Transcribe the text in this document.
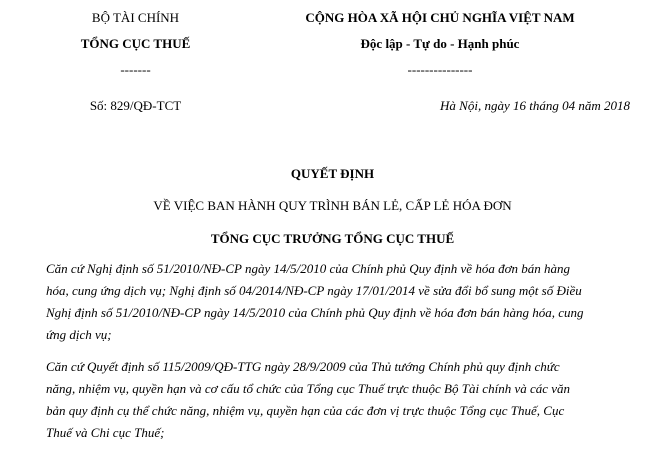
BỘ TÀI CHÍNH
TỔNG CỤC THUẾ
-------
Số: 829/QĐ-TCT
CỘNG HÒA XÃ HỘI CHỦ NGHĨA VIỆT NAM
Độc lập - Tự do - Hạnh phúc
---------------
Hà Nội, ngày 16 tháng 04 năm 2018
QUYẾT ĐỊNH
VỀ VIỆC BAN HÀNH QUY TRÌNH BÁN LẺ, CẤP LẺ HÓA ĐƠN
TỔNG CỤC TRƯỞNG TỔNG CỤC THUẾ
Căn cứ Nghị định số 51/2010/NĐ-CP ngày 14/5/2010 của Chính phủ Quy định về hóa đơn bán hàng
hóa, cung ứng dịch vụ; Nghị định số 04/2014/NĐ-CP ngày 17/01/2014 về sửa đổi bổ sung một số Điều
Nghị định số 51/2010/NĐ-CP ngày 14/5/2010 của Chính phủ Quy định về hóa đơn bán hàng hóa, cung
ứng dịch vụ;
Căn cứ Quyết định số 115/2009/QĐ-TTG ngày 28/9/2009 của Thủ tướng Chính phủ quy định chức
năng, nhiệm vụ, quyền hạn và cơ cấu tổ chức của Tổng cục Thuế trực thuộc Bộ Tài chính và các văn
bản quy định cụ thể chức năng, nhiệm vụ, quyền hạn của các đơn vị trực thuộc Tổng cục Thuế, Cục
Thuế và Chi cục Thuế;
